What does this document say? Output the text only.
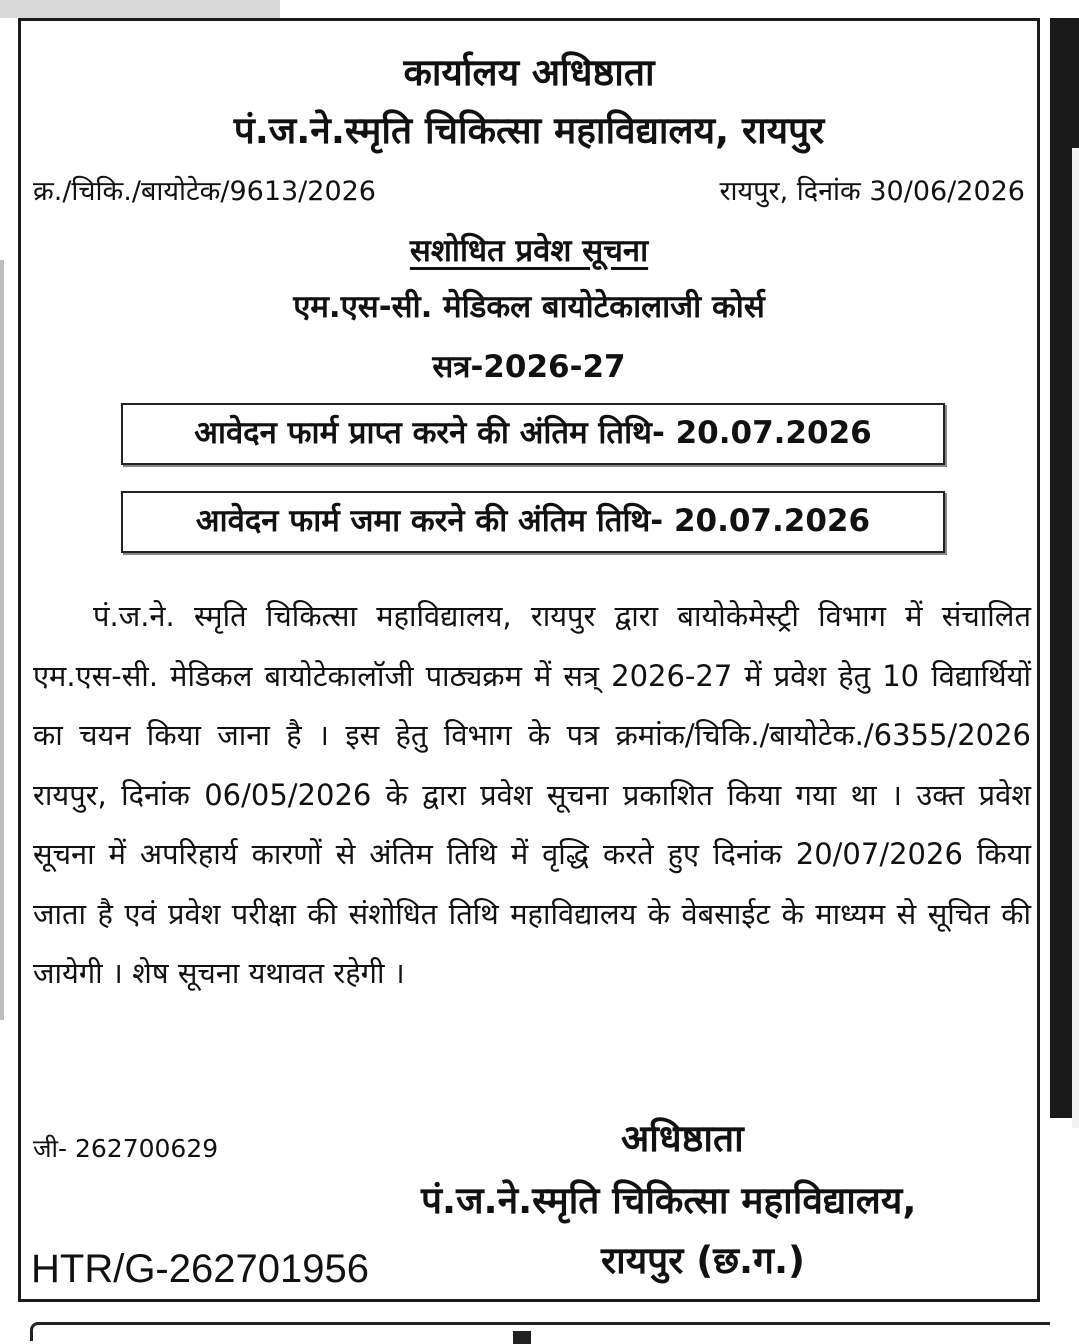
कार्यालय अधिष्ठाता
पं.ज.ने.स्मृति चिकित्सा महाविद्यालय, रायपुर
क्र./चिकि./बायोटेक/9613/2026	रायपुर, दिनांक 30/06/2026
सशोधित प्रवेश सूचना
एम.एस-सी. मेडिकल बायोटेकालाजी कोर्स
सत्र-2026-27
आवेदन फार्म प्राप्त करने की अंतिम तिथि- 20.07.2026
आवेदन फार्म जमा करने की अंतिम तिथि- 20.07.2026
पं.ज.ने. स्मृति चिकित्सा महाविद्यालय, रायपुर द्वारा बायोकेमेस्ट्री विभाग में संचालित एम.एस-सी. मेडिकल बायोटेकालॉजी पाठ्यक्रम में सत्र् 2026-27 में प्रवेश हेतु 10 विद्यार्थियों का चयन किया जाना है । इस हेतु विभाग के पत्र क्रमांक/चिकि./बायोटेक./6355/2026 रायपुर, दिनांक 06/05/2026 के द्वारा प्रवेश सूचना प्रकाशित किया गया था । उक्त प्रवेश सूचना में अपरिहार्य कारणों से अंतिम तिथि में वृद्धि करते हुए दिनांक 20/07/2026 किया जाता है एवं प्रवेश परीक्षा की संशोधित तिथि महाविद्यालय के वेबसाईट के माध्यम से सूचित की जायेगी । शेष सूचना यथावत रहेगी ।
जी- 262700629	अधिष्ठाता
पं.ज.ने.स्मृति चिकित्सा महाविद्यालय,
रायपुर (छ.ग.)
HTR/G-262701956
